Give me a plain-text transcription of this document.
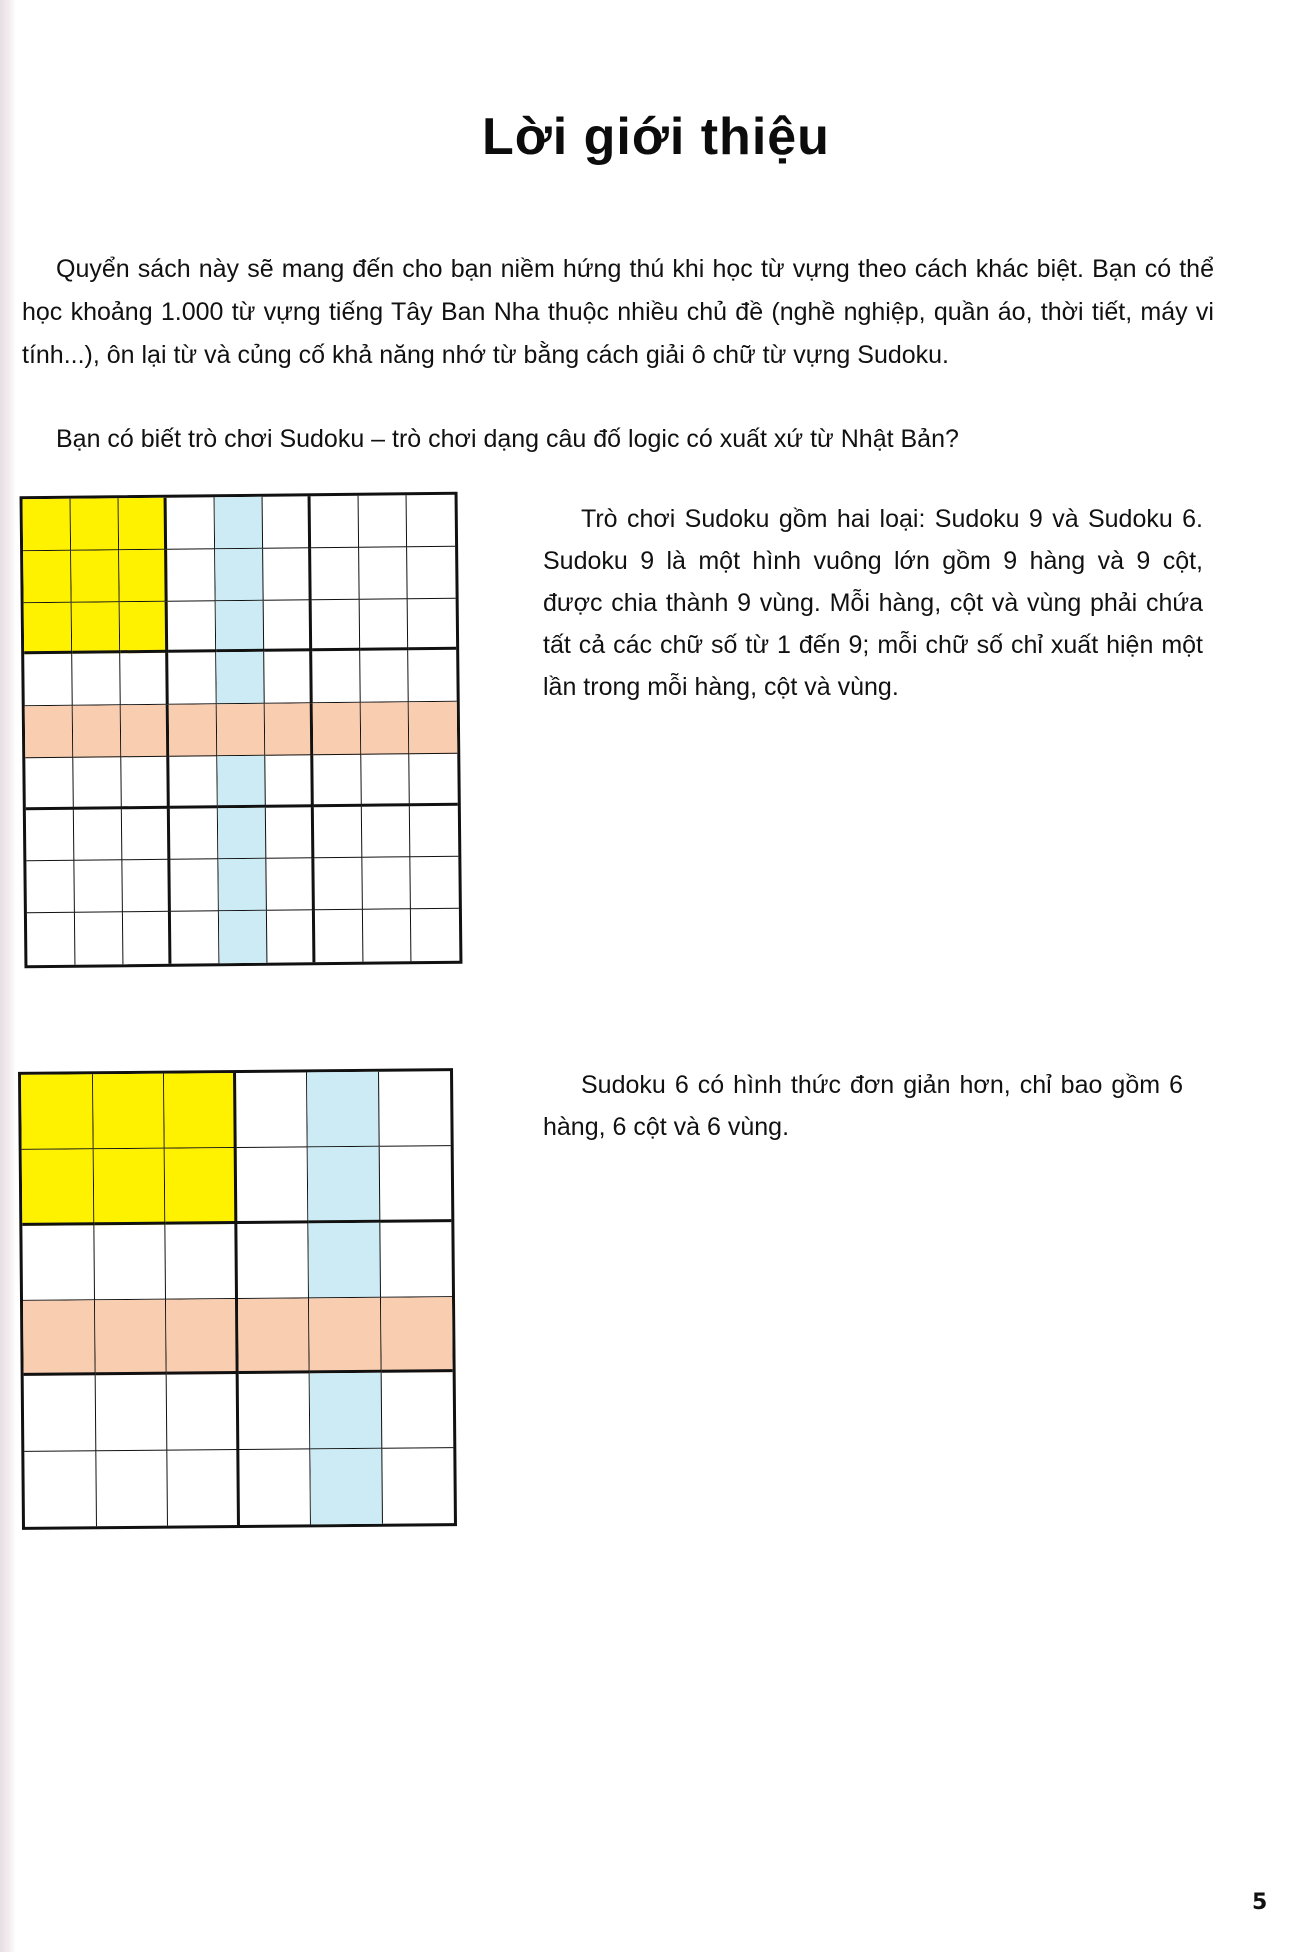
Lời giới thiệu

Quyển sách này sẽ mang đến cho bạn niềm hứng thú khi học từ vựng theo cách khác biệt. Bạn có thể học khoảng 1.000 từ vựng tiếng Tây Ban Nha thuộc nhiều chủ đề (nghề nghiệp, quần áo, thời tiết, máy vi tính...), ôn lại từ và củng cố khả năng nhớ từ bằng cách giải ô chữ từ vựng Sudoku.

Bạn có biết trò chơi Sudoku – trò chơi dạng câu đố logic có xuất xứ từ Nhật Bản?

Trò chơi Sudoku gồm hai loại: Sudoku 9 và Sudoku 6. Sudoku 9 là một hình vuông lớn gồm 9 hàng và 9 cột, được chia thành 9 vùng. Mỗi hàng, cột và vùng phải chứa tất cả các chữ số từ 1 đến 9; mỗi chữ số chỉ xuất hiện một lần trong mỗi hàng, cột và vùng.

Sudoku 6 có hình thức đơn giản hơn, chỉ bao gồm 6 hàng, 6 cột và 6 vùng.

5
